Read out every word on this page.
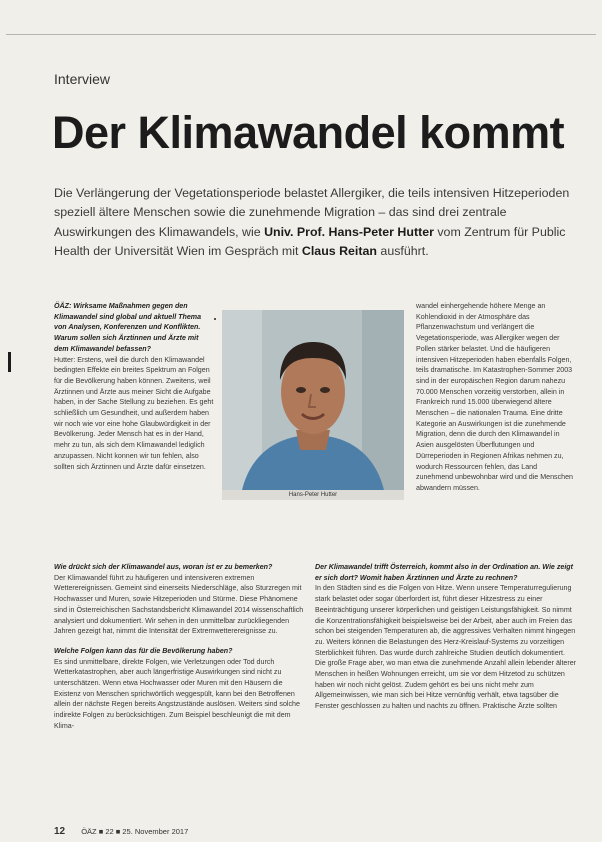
Interview
Der Klimawandel kommt
Die Verlängerung der Vegetationsperiode belastet Allergiker, die teils intensiven Hitzeperioden speziell ältere Menschen sowie die zunehmende Migration – das sind drei zentrale Auswirkungen des Klimawandels, wie Univ. Prof. Hans-Peter Hutter vom Zentrum für Public Health der Universität Wien im Gespräch mit Claus Reitan ausführt.

ÖÄZ: Wirksame Maßnahmen gegen den Klimawandel sind global und aktuell Thema von Analysen, Konferenzen und Konflikten. Warum sollen sich Ärztinnen und Ärzte mit dem Klimawandel befassen?

Hutter: Erstens, weil die durch den Klimawandel bedingten Effekte ein breites Spektrum an Folgen für die Bevölkerung haben können. Zweitens, weil Ärztinnen und Ärzte aus meiner Sicht die Aufgabe haben, in der Sache Stellung zu beziehen. Es geht schließlich um Gesundheit, und außerdem haben wir noch wie vor eine hohe Glaubwürdigkeit in der Bevölkerung. Jeder Mensch hat es in der Hand, mehr zu tun, als sich dem Klimawandel lediglich anzupassen. Nicht konnen wir tun fehlen, also sollten sich Ärztinnen und Ärzte dafür einsetzen.

Hans-Peter Hutter

wandel einhergehende höhere Menge an Kohlendioxid in der Atmosphäre das Pflanzenwachstum und verlängert die Vegetationsperiode, was Allergiker wegen der Pollen stärker belastet. Und die häufigeren intensiven Hitzeperioden haben ebenfalls Folgen, teils dramatische. Im Katastrophen-Sommer 2003 sind in der europäischen Region darum nahezu 70.000 Menschen vorzeitig verstorben, allein in Frankreich rund 15.000 überwiegend ältere Menschen – die nationalen Trauma. Eine dritte Kategorie an Auswirkungen ist die zunehmende Migration, denn die durch den Klimawandel in Asien ausgelösten Überflutungen und Dürreperioden in Regionen Afrikas nehmen zu, wodurch Ressourcen fehlen, das Land zunehmend unbewohnbar wird und die Menschen abwandern müssen.

Wie drückt sich der Klimawandel aus, woran ist er zu bemerken?

Der Klimawandel führt zu häufigeren und intensiveren extremen Wetterereignissen. Gemeint sind einerseits Niederschläge, also Sturzregen mit Hochwasser und Muren, sowie Hitzeperioden und Stürme. Diese Phänomene sind in Österreichischen Sachstandsbericht Klimawandel 2014 wissenschaftlich analysiert und dokumentiert. Wir sehen in den unmittelbar zurückliegenden Jahren gezeigt hat, nimmt die Intensität der Extremwetterereignisse zu.

Welche Folgen kann das für die Bevölkerung haben?

Es sind unmittelbare, direkte Folgen, wie Verletzungen oder Tod durch Wetterkatastrophen, aber auch längerfristige Auswirkungen sind nicht zu unterschätzen. Wenn etwa Hochwasser oder Muren mit den Häusern die Existenz von Menschen sprichwörtlich weggespült, kann bei den Betroffenen allein der nächste Regen bereits Angstzustände auslösen. Weiters sind solche indirekte Folgen zu berücksichtigen. Zum Beispiel beschleunigt die mit dem Klima-

Der Klimawandel trifft Österreich, kommt also in der Ordination an. Wie zeigt er sich dort? Womit haben Ärztinnen und Ärzte zu rechnen?

In den Städten sind es die Folgen von Hitze. Wenn unsere Temperaturregulierung stark belastet oder sogar überfordert ist, führt dieser Hitzestress zu einer Beeinträchtigung unserer körperlichen und geistigen Leistungsfähigkeit. So nimmt die Konzentrationsfähigkeit beispielsweise bei der Arbeit, aber auch im Freien das schon bei steigenden Temperaturen ab, die aggressives Verhalten nimmt hingegen zu. Weiters können die Belastungen des Herz-Kreislauf-Systems zu vorzeitigen Sterblichkeit führen. Das wurde durch zahlreiche Studien deutlich dokumentiert. Die große Frage aber, wo man etwa die zunehmende Anzahl allein lebender älterer Menschen in heißen Wohnungen erreicht, um sie vor dem Hitzetod zu schützen haben wir noch nicht gelöst. Zudem gehört es bei uns nicht mehr zum Allgemeinwissen, wie man sich bei Hitze vernünftig verhält, etwa tagsüber die Fenster geschlossen zu halten und nachts zu öffnen. Praktische Ärzte sollten

12 ÖÄZ ■ 22 ■ 25. November 2017
